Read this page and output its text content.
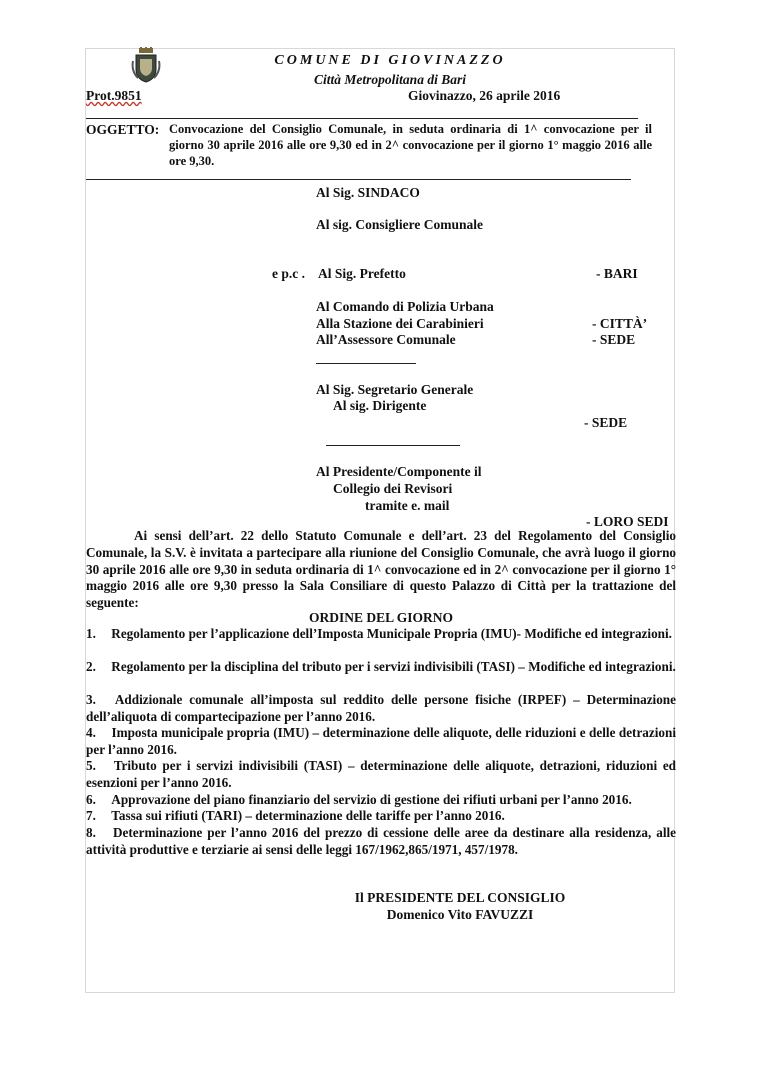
COMUNE DI GIOVINAZZO
Città Metropolitana di Bari
Prot.9851	Giovinazzo, 26 aprile 2016
OGGETTO: Convocazione del Consiglio Comunale, in seduta ordinaria di 1^ convocazione per il giorno 30 aprile 2016 alle ore 9,30 ed in 2^ convocazione per il giorno 1° maggio 2016 alle ore 9,30.
Al Sig. SINDACO
Al sig. Consigliere Comunale
e p.c . Al Sig. Prefetto	- BARI
Al Comando di Polizia Urbana
Alla Stazione dei Carabinieri	- CITTÀ’
All’Assessore Comunale	- SEDE
Al Sig. Segretario Generale
Al sig. Dirigente
- SEDE
Al Presidente/Componente il
Collegio dei Revisori
tramite e. mail
- LORO SEDI
Ai sensi dell’art. 22 dello Statuto Comunale e dell’art. 23 del Regolamento del Consiglio Comunale, la S.V. è invitata a partecipare alla riunione del Consiglio Comunale, che avrà luogo il giorno 30 aprile 2016 alle ore 9,30 in seduta ordinaria di 1^ convocazione ed in 2^ convocazione per il giorno 1° maggio 2016 alle ore 9,30 presso la Sala Consiliare di questo Palazzo di Città per la trattazione del seguente:
ORDINE DEL GIORNO
1. Regolamento per l’applicazione dell’Imposta Municipale Propria (IMU)- Modifiche ed integrazioni.
2. Regolamento per la disciplina del tributo per i servizi indivisibili (TASI) – Modifiche ed integrazioni.
3. Addizionale comunale all’imposta sul reddito delle persone fisiche (IRPEF) – Determinazione dell’aliquota di compartecipazione per l’anno 2016.
4. Imposta municipale propria (IMU) – determinazione delle aliquote, delle riduzioni e delle detrazioni per l’anno 2016.
5. Tributo per i servizi indivisibili (TASI) – determinazione delle aliquote, detrazioni, riduzioni ed esenzioni per l’anno 2016.
6. Approvazione del piano finanziario del servizio di gestione dei rifiuti urbani per l’anno 2016.
7. Tassa sui rifiuti (TARI) – determinazione delle tariffe per l’anno 2016.
8. Determinazione per l’anno 2016 del prezzo di cessione delle aree da destinare alla residenza, alle attività produttive e terziarie ai sensi delle leggi 167/1962,865/1971, 457/1978.
Il PRESIDENTE DEL CONSIGLIO
Domenico Vito FAVUZZI
